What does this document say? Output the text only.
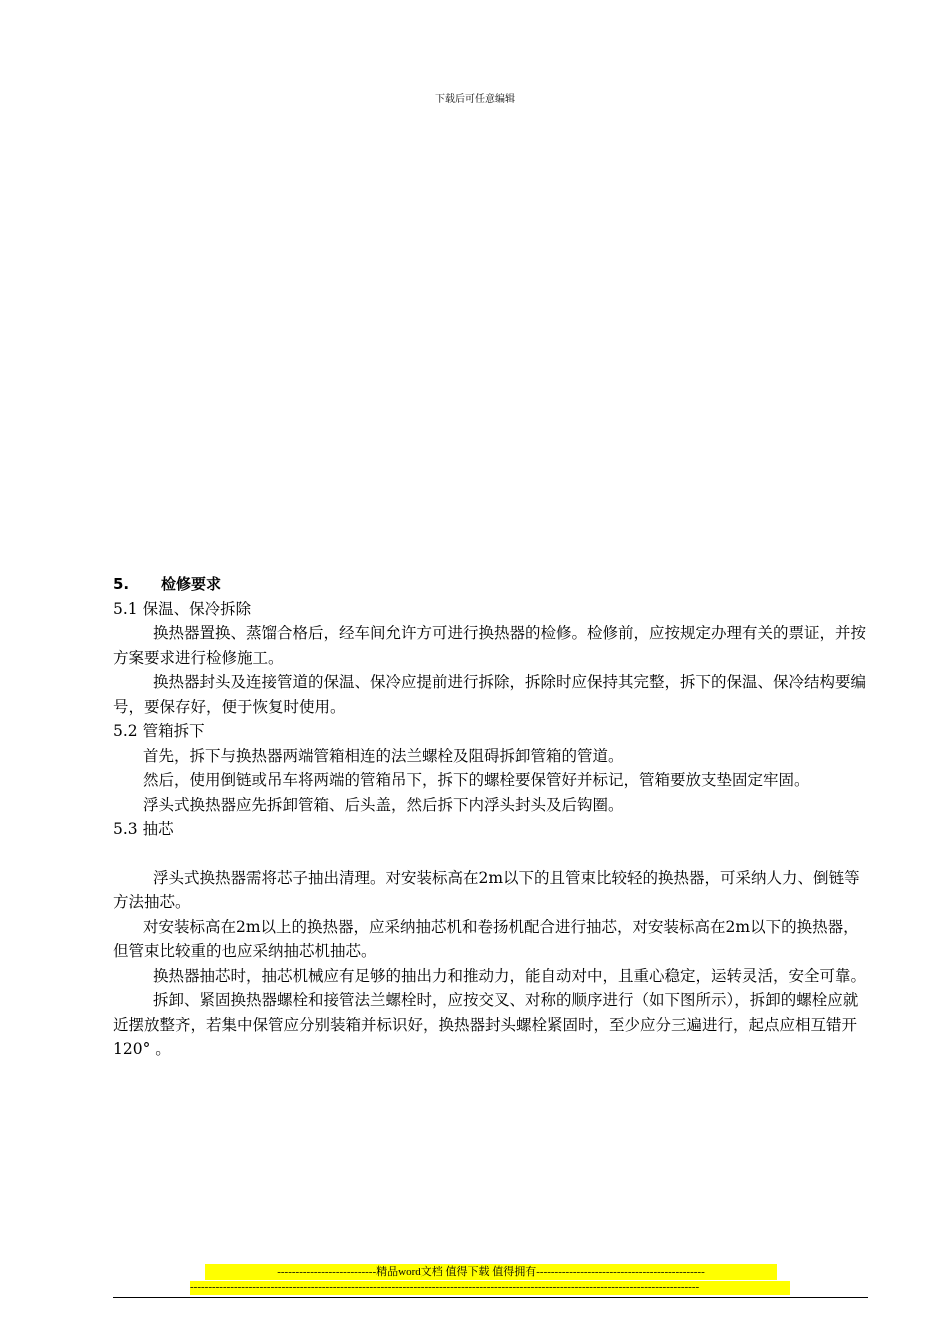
下载后可任意编辑

5. 检修要求

5.1 保温、保冷拆除

换热器置换、蒸馏合格后，经车间允许方可进行换热器的检修。检修前，应按规定办理有关的票证，并按方案要求进行检修施工。

换热器封头及连接管道的保温、保冷应提前进行拆除，拆除时应保持其完整，拆下的保温、保冷结构要编号，要保存好，便于恢复时使用。

5.2 管箱拆下

首先，拆下与换热器两端管箱相连的法兰螺栓及阻碍拆卸管箱的管道。

然后，使用倒链或吊车将两端的管箱吊下，拆下的螺栓要保管好并标记，管箱要放支垫固定牢固。

浮头式换热器应先拆卸管箱、后头盖，然后拆下内浮头封头及后钩圈。

5.3 抽芯

浮头式换热器需将芯子抽出清理。对安装标高在2m以下的且管束比较轻的换热器，可采纳人力、倒链等方法抽芯。

对安装标高在2m以上的换热器，应采纳抽芯机和卷扬机配合进行抽芯，对安装标高在2m以下的换热器，但管束比较重的也应采纳抽芯机抽芯。

换热器抽芯时，抽芯机械应有足够的抽出力和推动力，能自动对中，且重心稳定，运转灵活，安全可靠。

拆卸、紧固换热器螺栓和接管法兰螺栓时，应按交叉、对称的顺序进行（如下图所示），拆卸的螺栓应就近摆放整齐，若集中保管应分别装箱并标识好，换热器封头螺栓紧固时，至少应分三遍进行，起点应相互错开120° 。

---------------------------精品word文档 值得下载 值得拥有----------------------------------------------
-------------------------------------------------------------------------------------------------------------------------------------------
